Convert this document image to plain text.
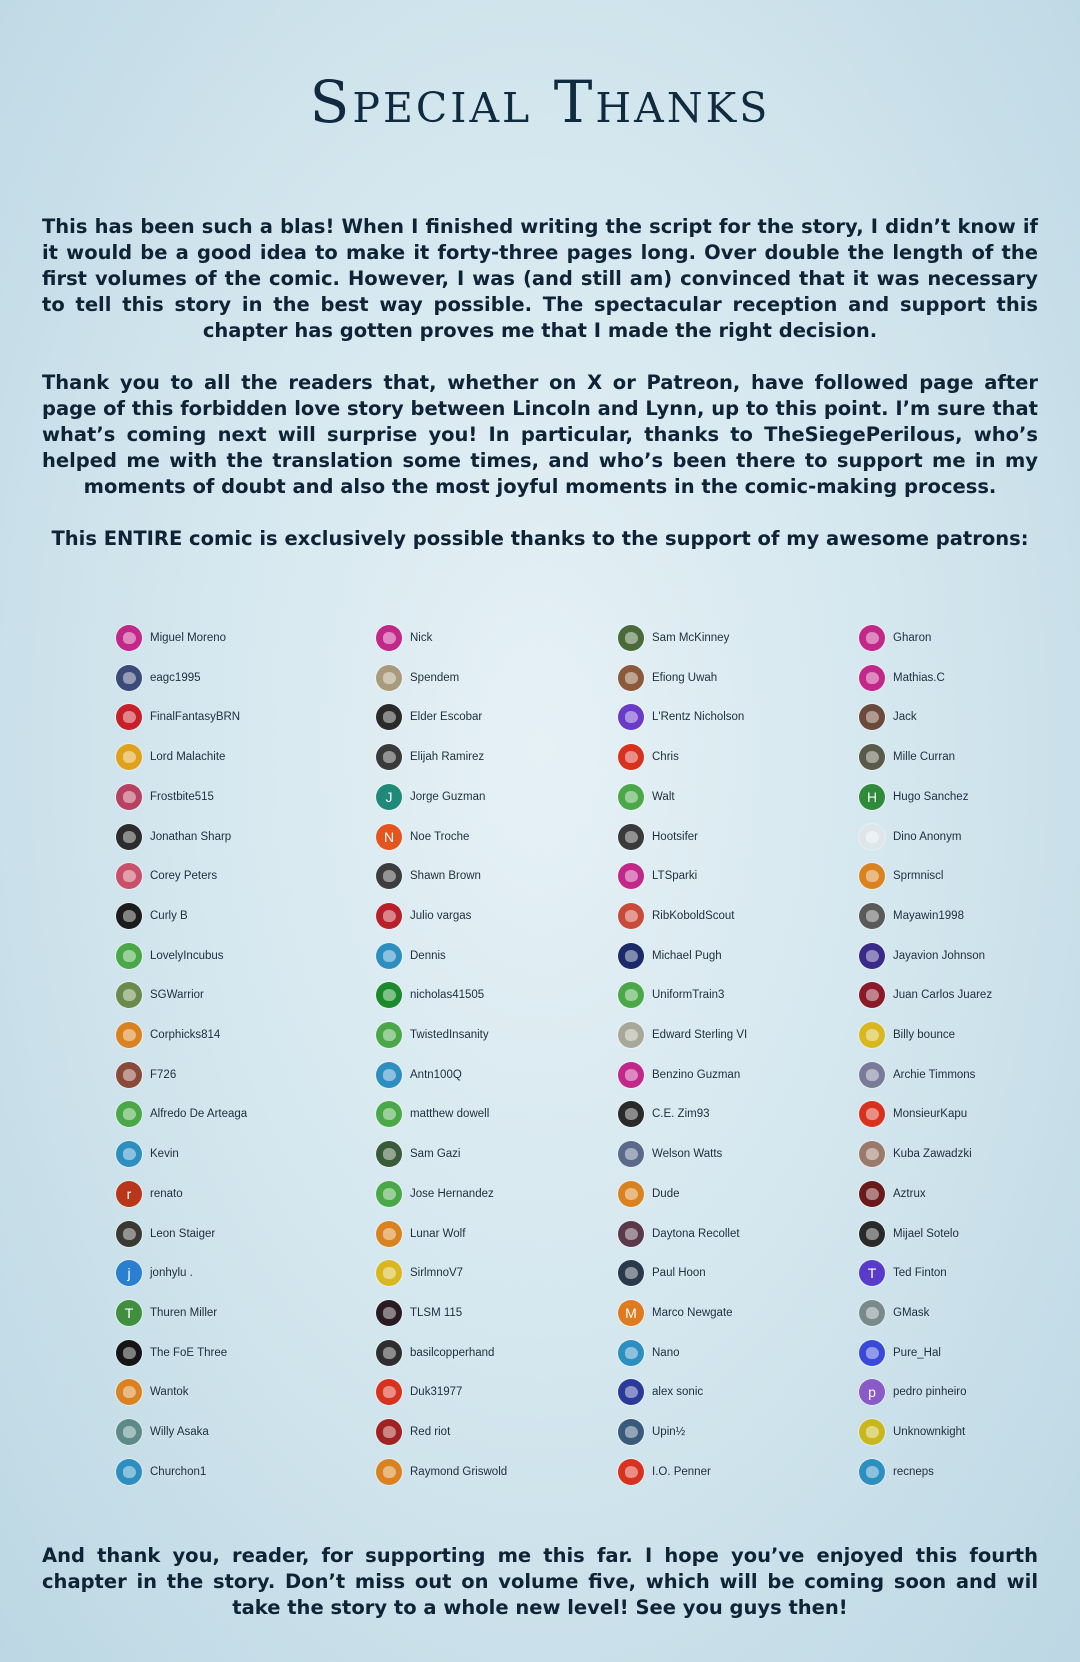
Special Thanks
This has been such a blas! When I finished writing the script for the story, I didn’t know if it would be a good idea to make it forty-three pages long. Over double the length of the first volumes of the comic. However, I was (and still am) convinced that it was necessary to tell this story in the best way possible. The spectacular reception and support this chapter has gotten proves me that I made the right decision.
Thank you to all the readers that, whether on X or Patreon, have followed page after page of this forbidden love story between Lincoln and Lynn, up to this point. I’m sure that what’s coming next will surprise you! In particular, thanks to TheSiegePerilous, who’s helped me with the translation some times, and who’s been there to support me in my moments of doubt and also the most joyful moments in the comic-making process.
This ENTIRE comic is exclusively possible thanks to the support of my awesome patrons:
Miguel Moreno
eagc1995
FinalFantasyBRN
Lord Malachite
Frostbite515
Jonathan Sharp
Corey Peters
Curly B
LovelyIncubus
SGWarrior
Corphicks814
F726
Alfredo De Arteaga
Kevin
r	renato
Leon Staiger
j	jonhylu .
T	Thuren Miller
The FoE Three
Wantok
Willy Asaka
Churchon1
Nick
Spendem
Elder Escobar
Elijah Ramirez
J	Jorge Guzman
N	Noe Troche
Shawn Brown
Julio vargas
Dennis
nicholas41505
TwistedInsanity
Antn100Q
matthew dowell
Sam Gazi
Jose Hernandez
Lunar Wolf
SirlmnoV7
TLSM 115
basilcopperhand
Duk31977
Red riot
Raymond Griswold
Sam McKinney
Efiong Uwah
L'Rentz Nicholson
Chris
Walt
Hootsifer
LTSparki
RibKoboldScout
Michael Pugh
UniformTrain3
Edward Sterling VI
Benzino Guzman
C.E. Zim93
Welson Watts
Dude
Daytona Recollet
Paul Hoon
M	Marco Newgate
Nano
alex sonic
Upin½
I.O. Penner
Gharon
Mathias.C
Jack
Mille Curran
H	Hugo Sanchez
Dino Anonym
Sprmniscl
Mayawin1998
Jayavion Johnson
Juan Carlos Juarez
Billy bounce
Archie Timmons
MonsieurKapu
Kuba Zawadzki
Aztrux
Mijael Sotelo
T	Ted Finton
GMask
Pure_Hal
p	pedro pinheiro
Unknownkight
recneps
And thank you, reader, for supporting me this far. I hope you’ve enjoyed this fourth chapter in the story. Don’t miss out on volume five, which will be coming soon and wil take the story to a whole new level! See you guys then!
